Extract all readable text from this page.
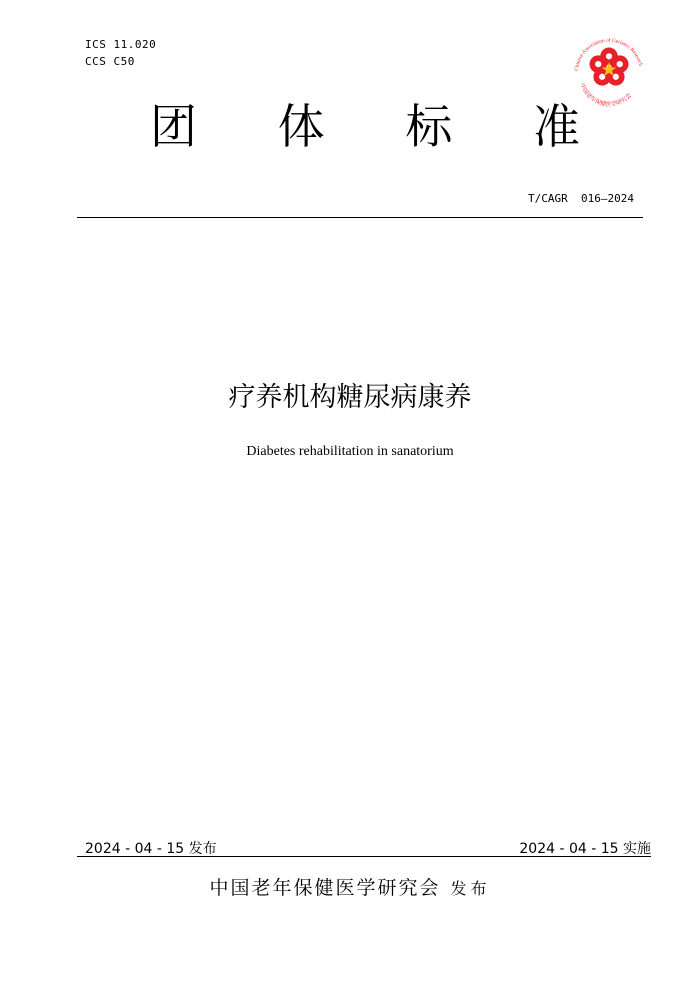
ICS 11.020
CCS C50
Chinese Association of Geriatric Research
中国老年保健医学研究会
团 体 标 准
T/CAGR  016—2024
疗养机构糖尿病康养
Diabetes rehabilitation in sanatorium
2024 - 04 - 15 发布	2024 - 04 - 15 实施
中国老年保健医学研究会 发布
